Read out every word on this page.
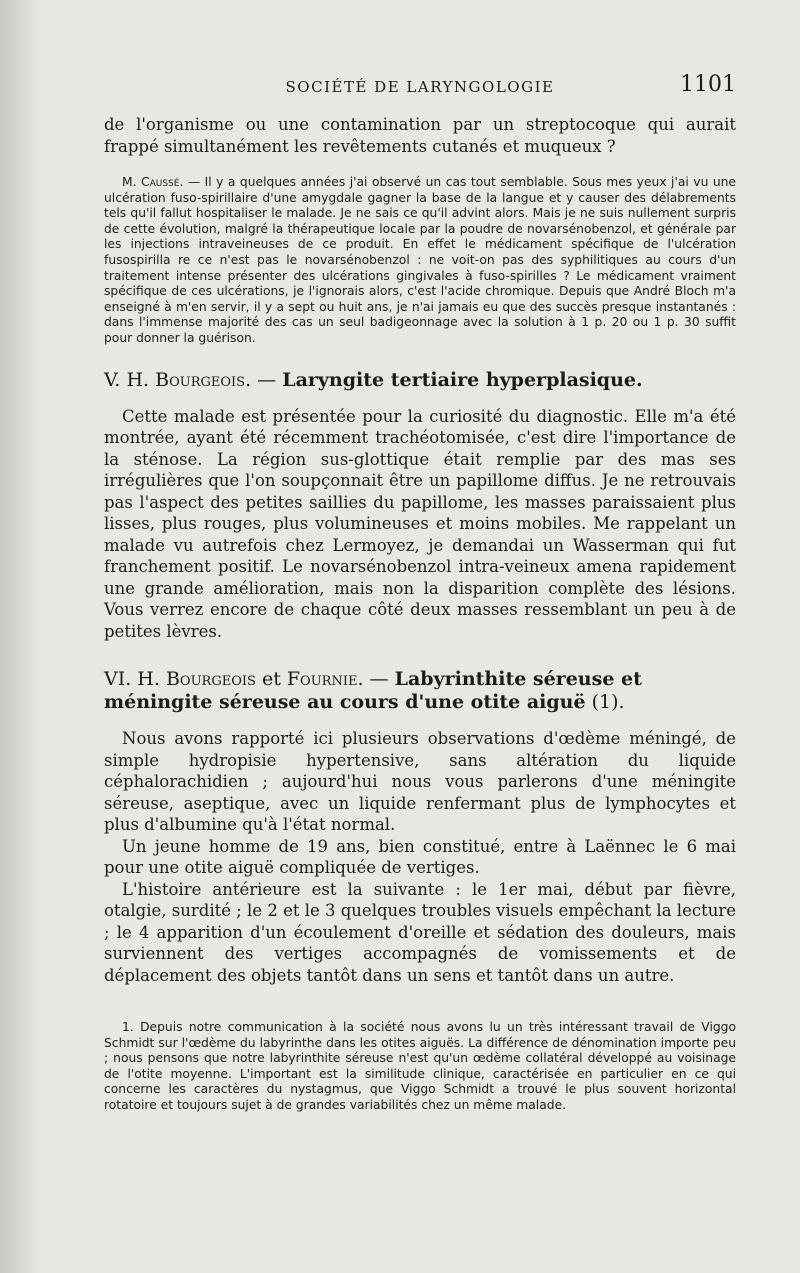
SOCIÉTÉ DE LARYNGOLOGIE	1101

de l'organisme ou une contamination par un streptocoque qui aurait frappé simultanément les revêtements cutanés et muqueux ?

M. Caussé. — Il y a quelques années j'ai observé un cas tout semblable. Sous mes yeux j'ai vu une ulcération fuso-spirillaire d'une amygdale gagner la base de la langue et y causer des délabrements tels qu'il fallut hospitaliser le malade. Je ne sais ce qu'il advint alors. Mais je ne suis nullement surpris de cette évolution, malgré la thérapeutique locale par la poudre de novarsénobenzol, et générale par les injections intraveineuses de ce produit. En effet le médicament spécifique de l'ulcération fusospirilla re ce n'est pas le novarsénobenzol : ne voit-on pas des syphilitiques au cours d'un traitement intense présenter des ulcérations gingivales à fuso-spirilles ? Le médicament vraiment spécifique de ces ulcérations, je l'ignorais alors, c'est l'acide chromique. Depuis que André Bloch m'a enseigné à m'en servir, il y a sept ou huit ans, je n'ai jamais eu que des succès presque instantanés : dans l'immense majorité des cas un seul badigeonnage avec la solution à 1 p. 20 ou 1 p. 30 suffit pour donner la guérison.

V. H. Bourgeois. — Laryngite tertiaire hyperplasique.

Cette malade est présentée pour la curiosité du diagnostic. Elle m'a été montrée, ayant été récemment trachéotomisée, c'est dire l'importance de la sténose. La région sus-glottique était remplie par des mas ses irrégulières que l'on soupçonnait être un papillome diffus. Je ne retrouvais pas l'aspect des petites saillies du papillome, les masses paraissaient plus lisses, plus rouges, plus volumineuses et moins mobiles. Me rappelant un malade vu autrefois chez Lermoyez, je demandai un Wasserman qui fut franchement positif. Le novarsénobenzol intra-veineux amena rapidement une grande amélioration, mais non la disparition complète des lésions. Vous verrez encore de chaque côté deux masses ressemblant un peu à de petites lèvres.

VI. H. Bourgeois et Fournie. — Labyrinthite séreuse et méningite séreuse au cours d'une otite aiguë (1).

Nous avons rapporté ici plusieurs observations d'œdème méningé, de simple hydropisie hypertensive, sans altération du liquide céphalorachidien ; aujourd'hui nous vous parlerons d'une méningite séreuse, aseptique, avec un liquide renfermant plus de lymphocytes et plus d'albumine qu'à l'état normal.

Un jeune homme de 19 ans, bien constitué, entre à Laënnec le 6 mai pour une otite aiguë compliquée de vertiges.

L'histoire antérieure est la suivante : le 1er mai, début par fièvre, otalgie, surdité ; le 2 et le 3 quelques troubles visuels empêchant la lecture ; le 4 apparition d'un écoulement d'oreille et sédation des douleurs, mais surviennent des vertiges accompagnés de vomissements et de déplacement des objets tantôt dans un sens et tantôt dans un autre.

1. Depuis notre communication à la société nous avons lu un très intéressant travail de Viggo Schmidt sur l'œdème du labyrinthe dans les otites aiguës. La différence de dénomination importe peu ; nous pensons que notre labyrinthite séreuse n'est qu'un œdème collatéral développé au voisinage de l'otite moyenne. L'important est la similitude clinique, caractérisée en particulier en ce qui concerne les caractères du nystagmus, que Viggo Schmidt a trouvé le plus souvent horizontal rotatoire et toujours sujet à de grandes variabilités chez un même malade.
